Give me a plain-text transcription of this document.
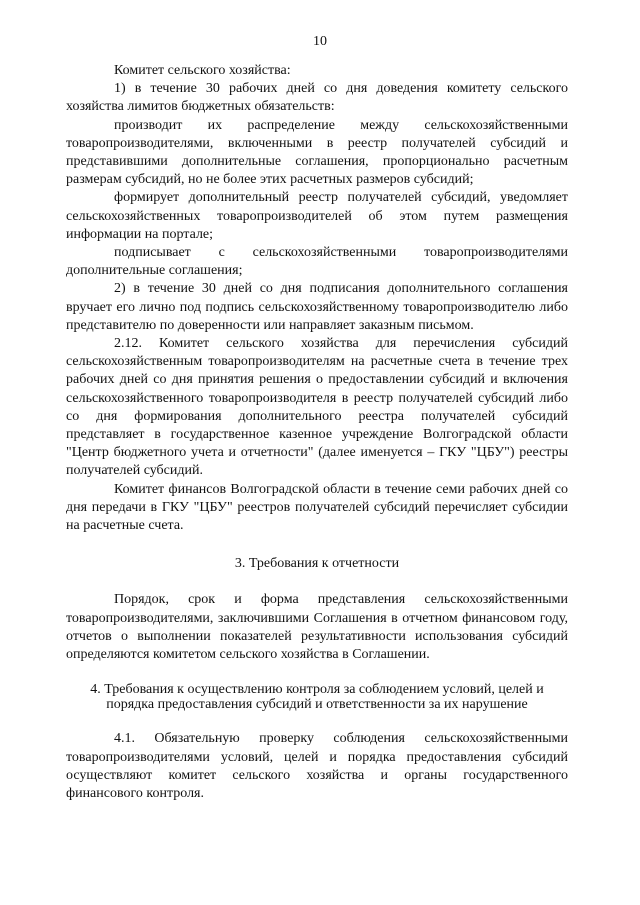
10

Комитет сельского хозяйства:

1) в течение 30 рабочих дней со дня доведения комитету сельского хозяйства лимитов бюджетных обязательств:

производит их распределение между сельскохозяйственными товаропроизводителями, включенными в реестр получателей субсидий и представившими дополнительные соглашения, пропорционально расчетным размерам субсидий, но не более этих расчетных размеров субсидий;

формирует дополнительный реестр получателей субсидий, уведомляет сельскохозяйственных товаропроизводителей об этом путем размещения информации на портале;

подписывает с сельскохозяйственными товаропроизводителями дополнительные соглашения;

2) в течение 30 дней со дня подписания дополнительного соглашения вручает его лично под подпись сельскохозяйственному товаропроизводителю либо представителю по доверенности или направляет заказным письмом.

2.12. Комитет сельского хозяйства для перечисления субсидий сельскохозяйственным товаропроизводителям на расчетные счета в течение трех рабочих дней со дня принятия решения о предоставлении субсидий и включения сельскохозяйственного товаропроизводителя в реестр получателей субсидий либо со дня формирования дополнительного реестра получателей субсидий представляет в государственное казенное учреждение Волгоградской области "Центр бюджетного учета и отчетности" (далее именуется – ГКУ "ЦБУ") реестры получателей субсидий.

Комитет финансов Волгоградской области в течение семи рабочих дней со дня передачи в ГКУ "ЦБУ" реестров получателей субсидий перечисляет субсидии на расчетные счета.

3. Требования к отчетности

Порядок, срок и форма представления сельскохозяйственными товаропроизводителями, заключившими Соглашения в отчетном финансовом году, отчетов о выполнении показателей результативности использования субсидий определяются комитетом сельского хозяйства в Соглашении.

4. Требования к осуществлению контроля за соблюдением условий, целей и порядка предоставления субсидий и ответственности за их нарушение

4.1. Обязательную проверку соблюдения сельскохозяйственными товаропроизводителями условий, целей и порядка предоставления субсидий осуществляют комитет сельского хозяйства и органы государственного финансового контроля.
